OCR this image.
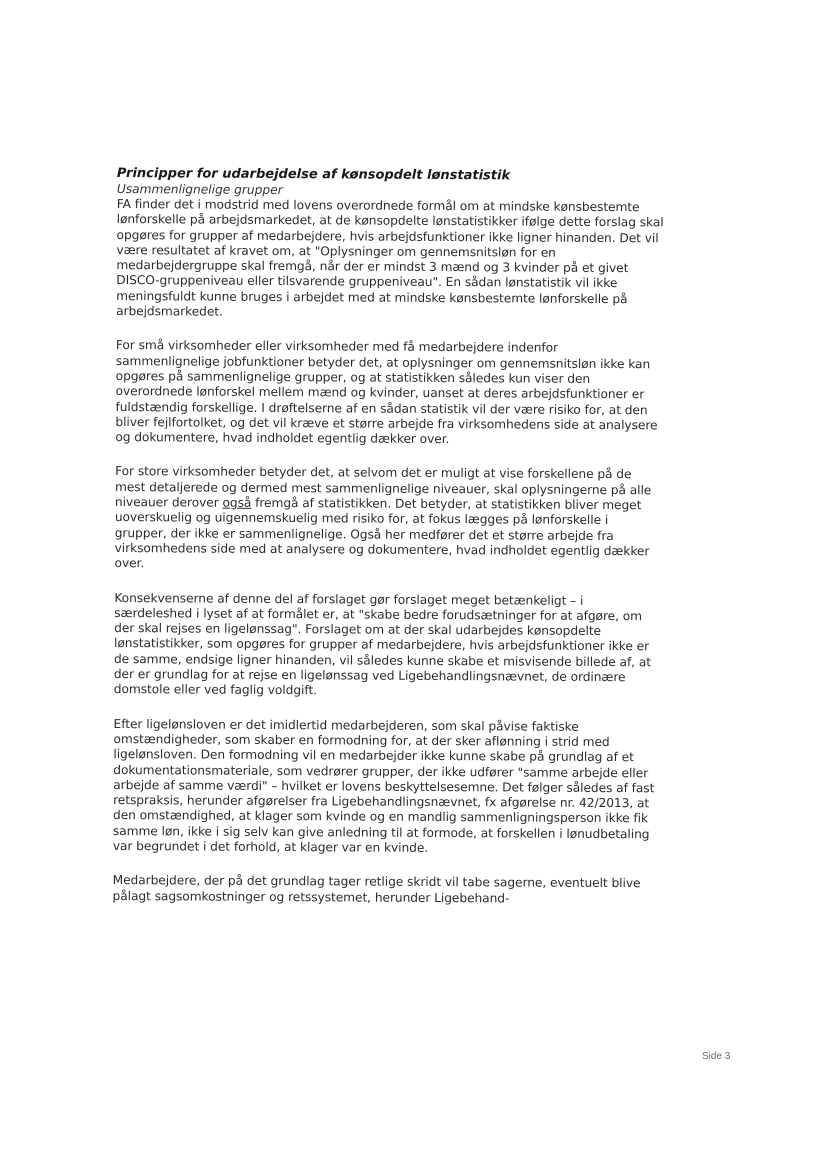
Principper for udarbejdelse af kønsopdelt lønstatistik

Usammenlignelige grupper

FA finder det i modstrid med lovens overordnede formål om at mindske kønsbestemte lønforskelle på arbejdsmarkedet, at de kønsopdelte lønstatistikker ifølge dette forslag skal opgøres for grupper af medarbejdere, hvis arbejdsfunktioner ikke ligner hinanden. Det vil være resultatet af kravet om, at "Oplysninger om gennemsnitsløn for en medarbejdergruppe skal fremgå, når der er mindst 3 mænd og 3 kvinder på et givet DISCO-gruppeniveau eller tilsvarende gruppeniveau". En sådan lønstatistik vil ikke meningsfuldt kunne bruges i arbejdet med at mindske kønsbestemte lønforskelle på arbejdsmarkedet.

For små virksomheder eller virksomheder med få medarbejdere indenfor sammenlignelige jobfunktioner betyder det, at oplysninger om gennemsnitsløn ikke kan opgøres på sammenlignelige grupper, og at statistikken således kun viser den overordnede lønforskel mellem mænd og kvinder, uanset at deres arbejdsfunktioner er fuldstændig forskellige. I drøftelserne af en sådan statistik vil der være risiko for, at den bliver fejlfortolket, og det vil kræve et større arbejde fra virksomhedens side at analysere og dokumentere, hvad indholdet egentlig dækker over.

For store virksomheder betyder det, at selvom det er muligt at vise forskellene på de mest detaljerede og dermed mest sammenlignelige niveauer, skal oplysningerne på alle niveauer derover også fremgå af statistikken. Det betyder, at statistikken bliver meget uoverskuelig og uigennemskuelig med risiko for, at fokus lægges på lønforskelle i grupper, der ikke er sammenlignelige. Også her medfører det et større arbejde fra virksomhedens side med at analysere og dokumentere, hvad indholdet egentlig dækker over.

Konsekvenserne af denne del af forslaget gør forslaget meget betænkeligt – i særdeleshed i lyset af at formålet er, at "skabe bedre forudsætninger for at afgøre, om der skal rejses en ligelønssag". Forslaget om at der skal udarbejdes kønsopdelte lønstatistikker, som opgøres for grupper af medarbejdere, hvis arbejdsfunktioner ikke er de samme, endsige ligner hinanden, vil således kunne skabe et misvisende billede af, at der er grundlag for at rejse en ligelønssag ved Ligebehandlingsnævnet, de ordinære domstole eller ved faglig voldgift.

Efter ligelønsloven er det imidlertid medarbejderen, som skal påvise faktiske omstændigheder, som skaber en formodning for, at der sker aflønning i strid med ligelønsloven. Den formodning vil en medarbejder ikke kunne skabe på grundlag af et dokumentationsmateriale, som vedrører grupper, der ikke udfører "samme arbejde eller arbejde af samme værdi" – hvilket er lovens beskyttelsesemne. Det følger således af fast retspraksis, herunder afgørelser fra Ligebehandlingsnævnet, fx afgørelse nr. 42/2013, at den omstændighed, at klager som kvinde og en mandlig sammenligningsperson ikke fik samme løn, ikke i sig selv kan give anledning til at formode, at forskellen i lønudbetaling var begrundet i det forhold, at klager var en kvinde.

Medarbejdere, der på det grundlag tager retlige skridt vil tabe sagerne, eventuelt blive pålagt sagsomkostninger og retssystemet, herunder Ligebehand-

Side 3
